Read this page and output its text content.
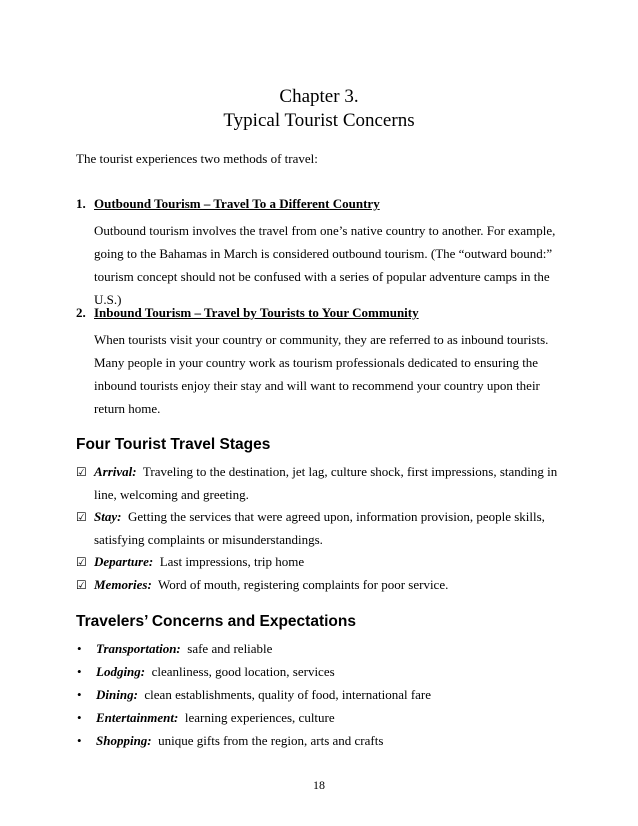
Chapter 3.
Typical Tourist Concerns
The tourist experiences two methods of travel:
1. Outbound Tourism – Travel To a Different Country
Outbound tourism involves the travel from one’s native country to another. For example, going to the Bahamas in March is considered outbound tourism. (The “outward bound:” tourism concept should not be confused with a series of popular adventure camps in the U.S.)
2. Inbound Tourism – Travel by Tourists to Your Community
When tourists visit your country or community, they are referred to as inbound tourists. Many people in your country work as tourism professionals dedicated to ensuring the inbound tourists enjoy their stay and will want to recommend your country upon their return home.
Four Tourist Travel Stages
☑ Arrival: Traveling to the destination, jet lag, culture shock, first impressions, standing in line, welcoming and greeting.
☑ Stay: Getting the services that were agreed upon, information provision, people skills, satisfying complaints or misunderstandings.
☑ Departure: Last impressions, trip home
☑ Memories: Word of mouth, registering complaints for poor service.
Travelers’ Concerns and Expectations
• Transportation: safe and reliable
• Lodging: cleanliness, good location, services
• Dining: clean establishments, quality of food, international fare
• Entertainment: learning experiences, culture
• Shopping: unique gifts from the region, arts and crafts
18
